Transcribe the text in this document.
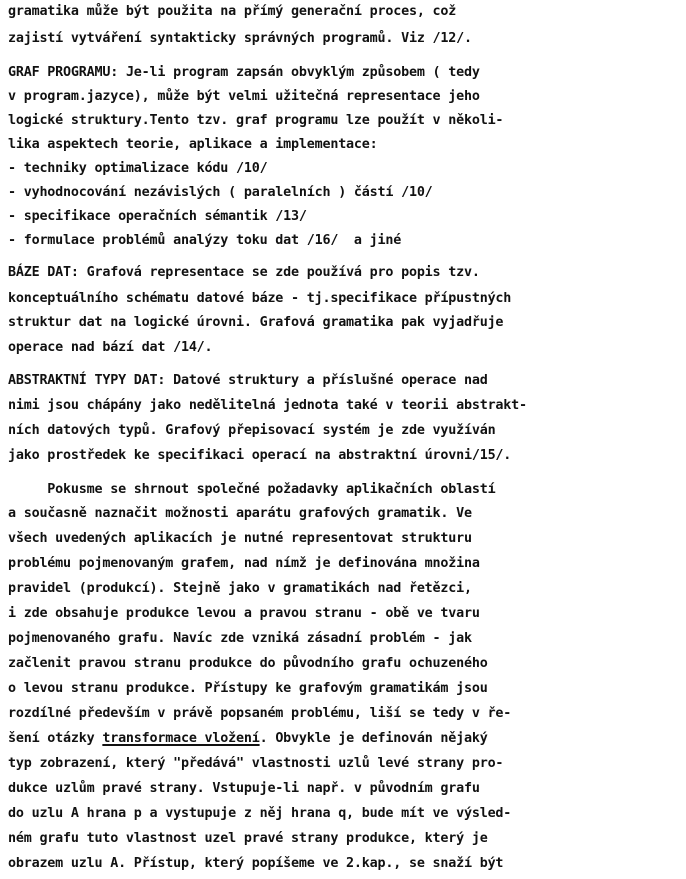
gramatika může být použita na přímý generační proces, což

zajistí vytváření syntakticky správných programů. Viz /12/.

GRAF PROGRAMU: Je-li program zapsán obvyklým způsobem ( tedy

v program.jazyce), může být velmi užitečná representace jeho

logické struktury.Tento tzv. graf programu lze použít v několi-

lika aspektech teorie, aplikace a implementace:

- techniky optimalizace kódu /10/

- vyhodnocování nezávislých ( paralelních ) částí /10/

- specifikace operačních sémantik /13/

- formulace problémů analýzy toku dat /16/  a jiné

BÁZE DAT: Grafová representace se zde používá pro popis tzv.

konceptuálního schématu datové báze - tj.specifikace přípustných

struktur dat na logické úrovni. Grafová gramatika pak vyjadřuje

operace nad bází dat /14/.

ABSTRAKTNÍ TYPY DAT: Datové struktury a příslušné operace nad

nimi jsou chápány jako nedělitelná jednota také v teorii abstrakt-

ních datových typů. Grafový přepisovací systém je zde využíván

jako prostředek ke specifikaci operací na abstraktní úrovni/15/.

Pokusme se shrnout společné požadavky aplikačních oblastí

a současně naznačit možnosti aparátu grafových gramatik. Ve

všech uvedených aplikacích je nutné representovat strukturu

problému pojmenovaným grafem, nad nímž je definována množina

pravidel (produkcí). Stejně jako v gramatikách nad řetězci,

i zde obsahuje produkce levou a pravou stranu - obě ve tvaru

pojmenovaného grafu. Navíc zde vzniká zásadní problém - jak

začlenit pravou stranu produkce do původního grafu ochuzeného

o levou stranu produkce. Přístupy ke grafovým gramatikám jsou

rozdílné především v právě popsaném problému, liší se tedy v ře-

šení otázky transformace vložení. Obvykle je definován nějaký

typ zobrazení, který "předává" vlastnosti uzlů levé strany pro-

dukce uzlům pravé strany. Vstupuje-li např. v původním grafu

do uzlu A hrana p a vystupuje z něj hrana q, bude mít ve výsled-

ném grafu tuto vlastnost uzel pravé strany produkce, který je

obrazem uzlu A. Přístup, který popíšeme ve 2.kap., se snaží být
